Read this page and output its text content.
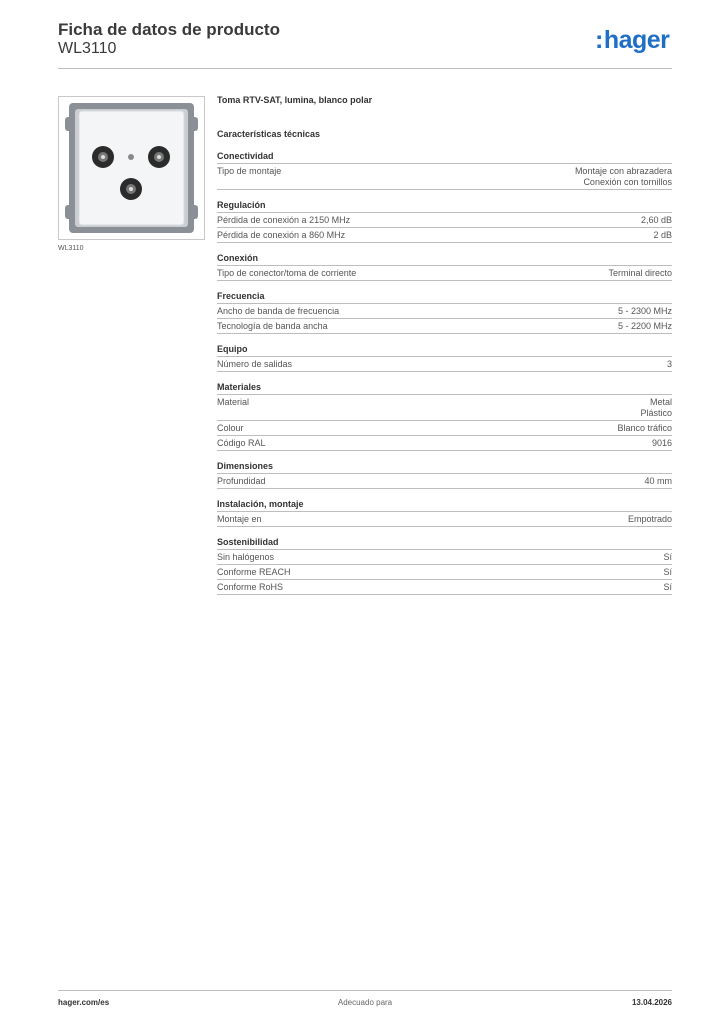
Ficha de datos de producto
WL3110	:hager
WL3110
Toma RTV-SAT, lumina, blanco polar
Características técnicas
Conectividad
Tipo de montaje	Montaje con abrazadera
Conexión con tornillos
Regulación
Pérdida de conexión a 2150 MHz	2,60 dB
Pérdida de conexión a 860 MHz	2 dB
Conexión
Tipo de conector/toma de corriente	Terminal directo
Frecuencia
Ancho de banda de frecuencia	5 - 2300 MHz
Tecnología de banda ancha	5 - 2200 MHz
Equipo
Número de salidas	3
Materiales
Material	Metal
Plástico
Colour	Blanco tráfico
Código RAL	9016
Dimensiones
Profundidad	40 mm
Instalación, montaje
Montaje en	Empotrado
Sostenibilidad
Sin halógenos	Sí
Conforme REACH	Sí
Conforme RoHS	Sí
hager.com/es	Adecuado para	13.04.2026
